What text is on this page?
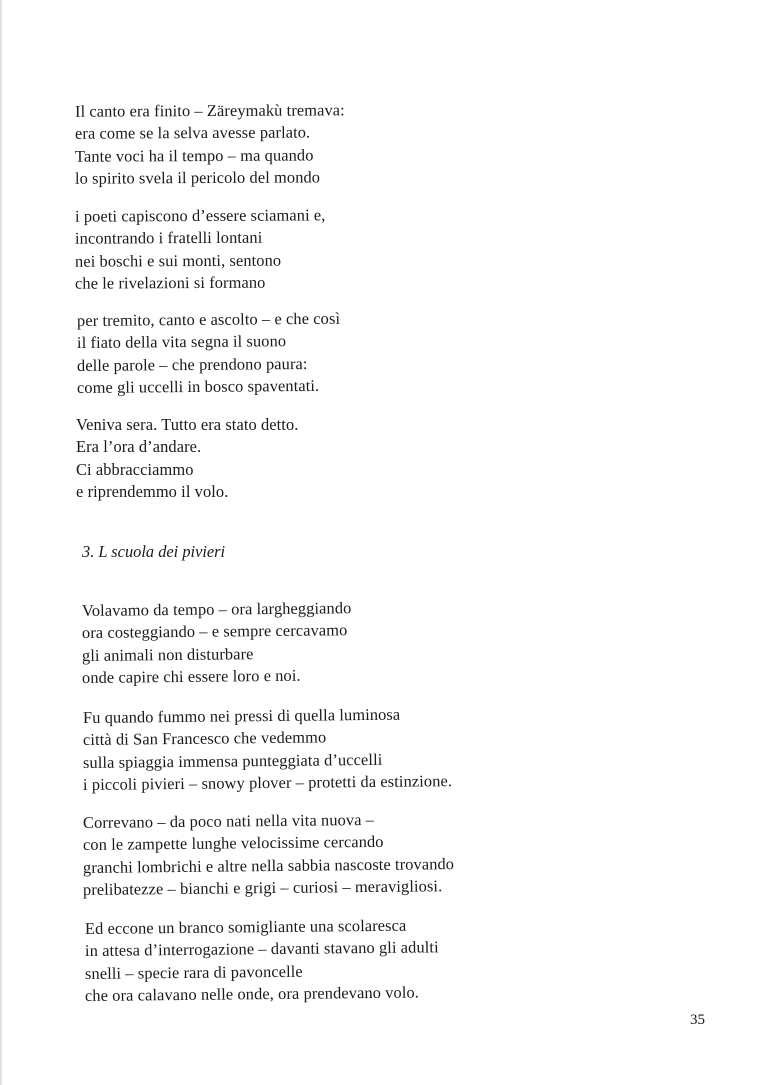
Il canto era finito – Zäreymakù tremava:
era come se la selva avesse parlato.
Tante voci ha il tempo – ma quando
lo spirito svela il pericolo del mondo

i poeti capiscono d’essere sciamani e,
incontrando i fratelli lontani
nei boschi e sui monti, sentono
che le rivelazioni si formano

per tremito, canto e ascolto – e che così
il fiato della vita segna il suono
delle parole – che prendono paura:
come gli uccelli in bosco spaventati.

Veniva sera. Tutto era stato detto.
Era l’ora d’andare.
Ci abbracciammo
e riprendemmo il volo.

3. L scuola dei pivieri

Volavamo da tempo – ora largheggiando
ora costeggiando – e sempre cercavamo
gli animali non disturbare
onde capire chi essere loro e noi.

Fu quando fummo nei pressi di quella luminosa
città di San Francesco che vedemmo
sulla spiaggia immensa punteggiata d’uccelli
i piccoli pivieri – snowy plover – protetti da estinzione.

Correvano – da poco nati nella vita nuova –
con le zampette lunghe velocissime cercando
granchi lombrichi e altre nella sabbia nascoste trovando
prelibatezze – bianchi e grigi – curiosi – meravigliosi.

Ed eccone un branco somigliante una scolaresca
in attesa d’interrogazione – davanti stavano gli adulti
snelli – specie rara di pavoncelle
che ora calavano nelle onde, ora prendevano volo.

35
